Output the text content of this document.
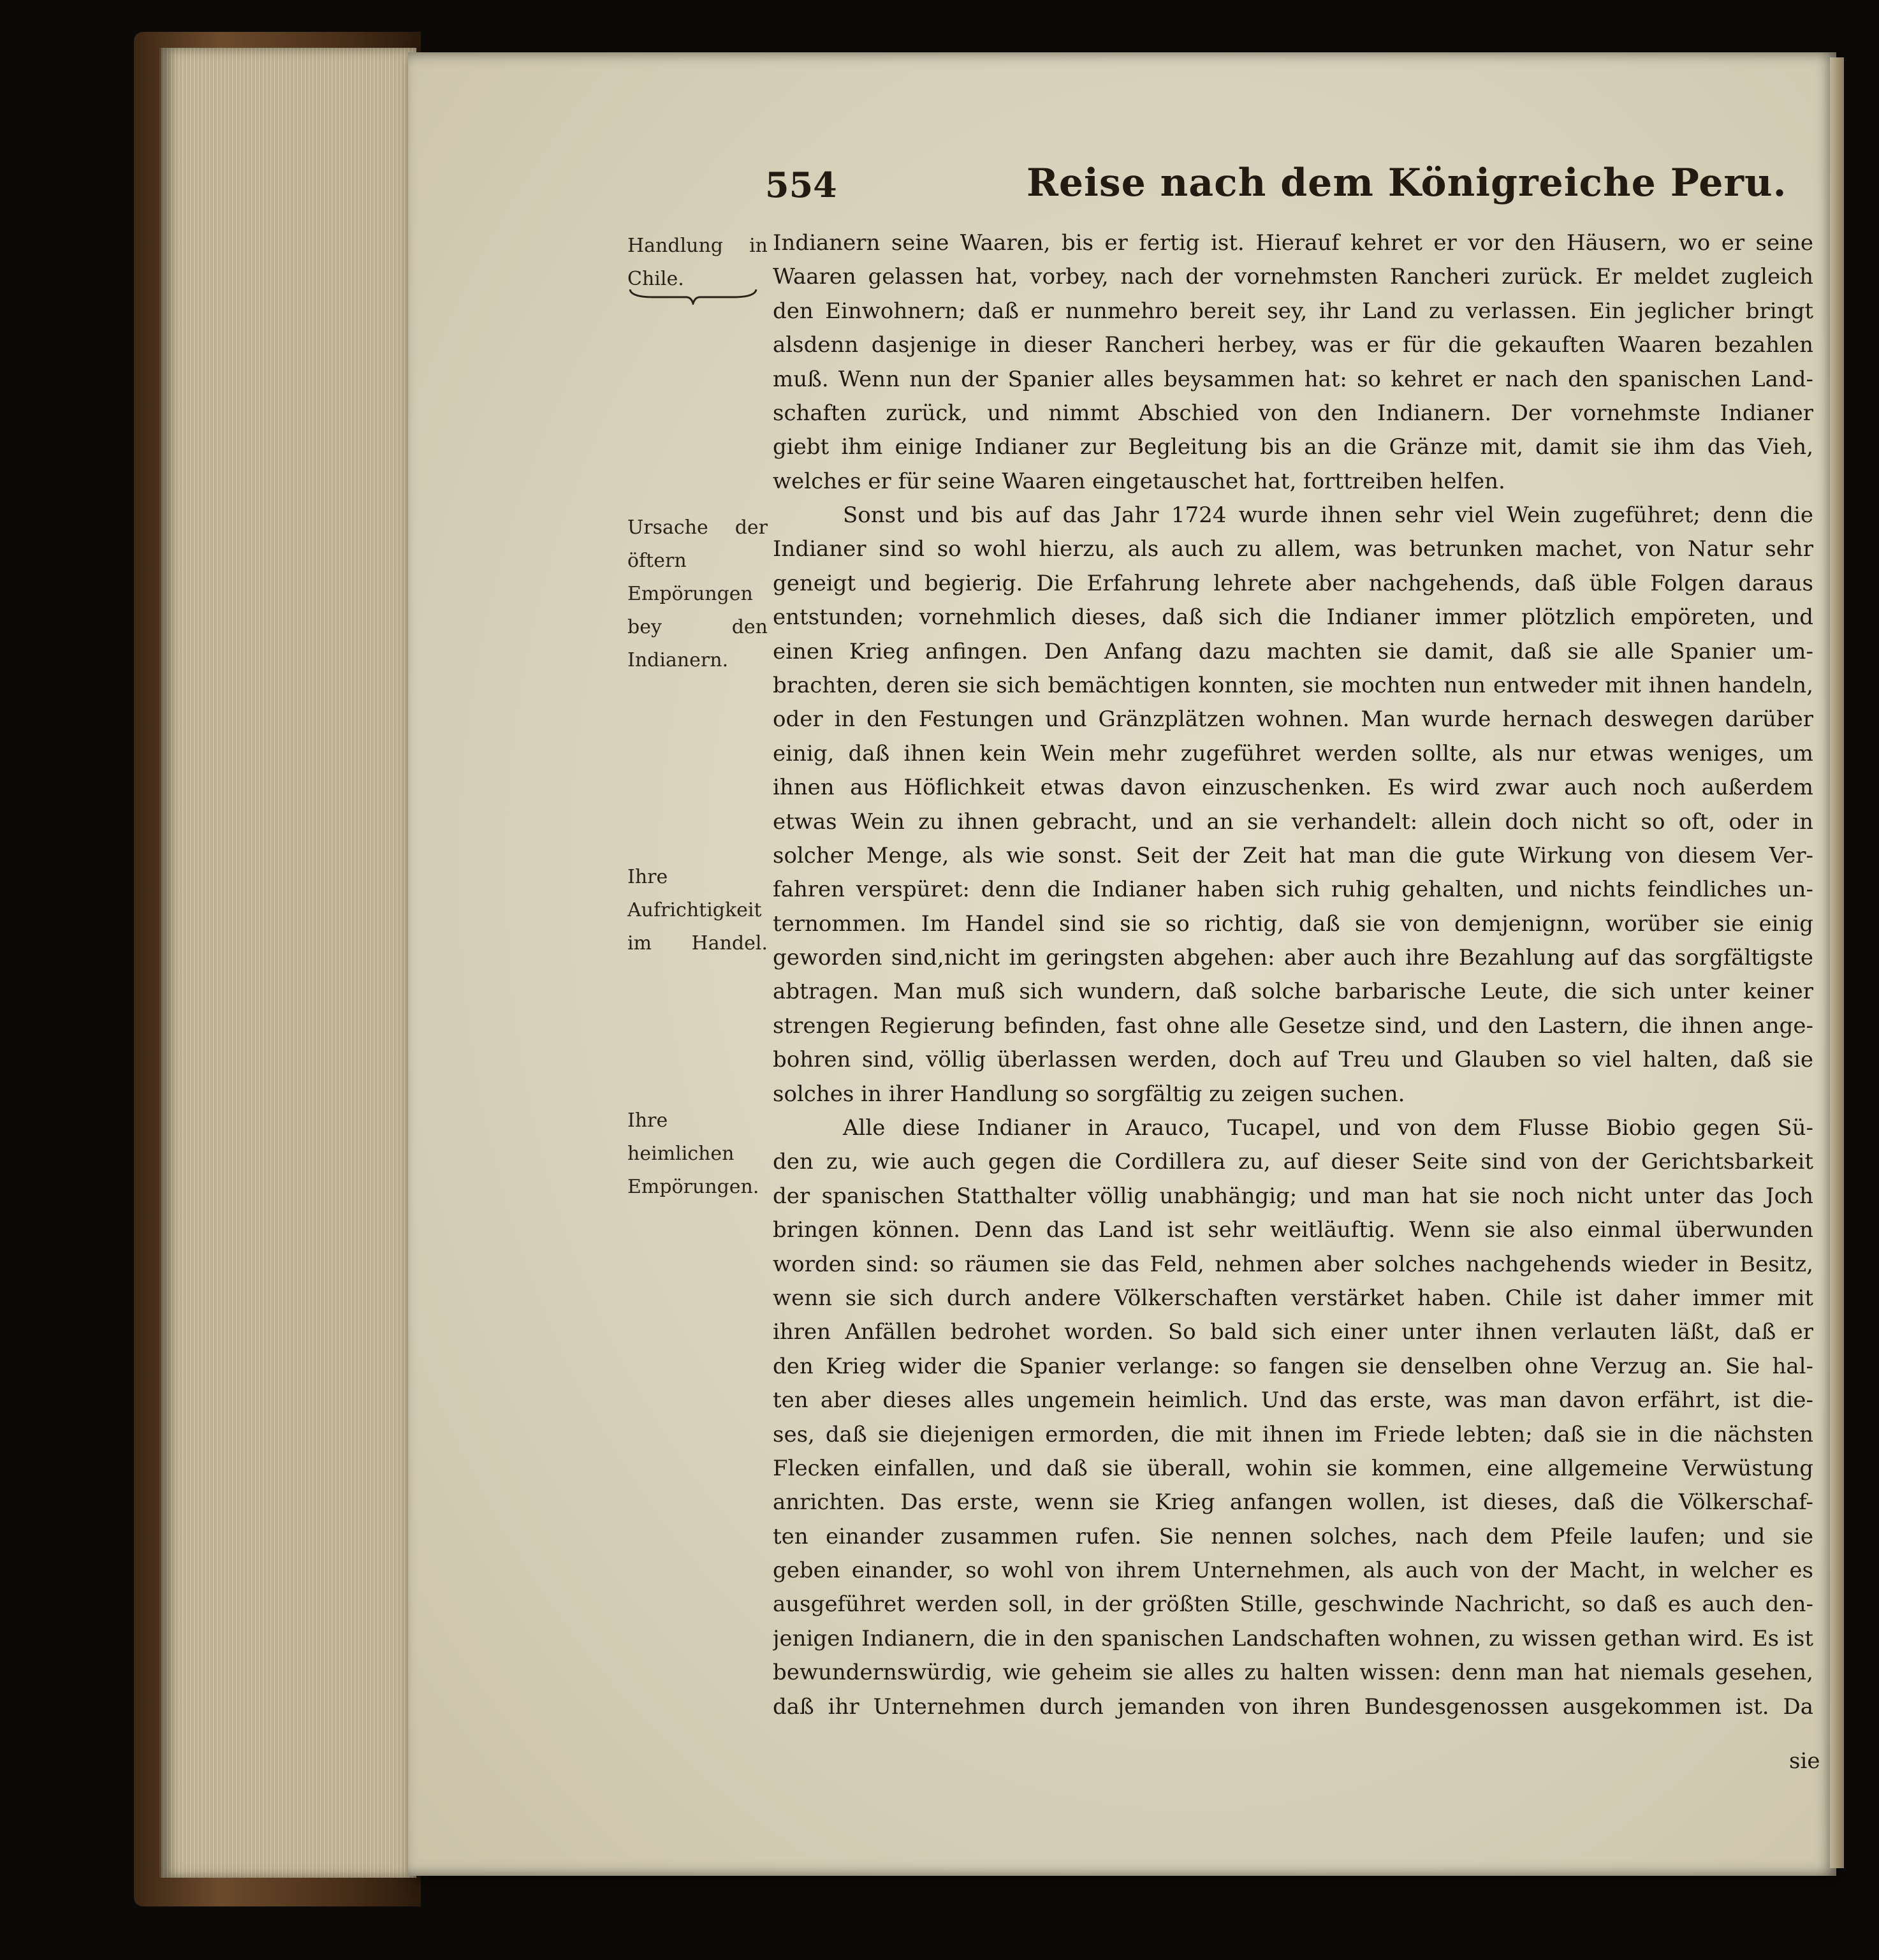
554	Reise nach dem Königreiche Peru.
Handlung in Chile.
Ursache der öftern Empörungen bey den Indianern.
Ihre Aufrichtigkeit im Handel.
Ihre heimlichen Empörungen.
Indianern seine Waaren, bis er fertig ist. Hierauf kehret er vor den Häusern, wo er seine
Waaren gelassen hat, vorbey, nach der vornehmsten Rancheri zurück. Er meldet zugleich
den Einwohnern; daß er nunmehro bereit sey, ihr Land zu verlassen. Ein jeglicher bringt
alsdenn dasjenige in dieser Rancheri herbey, was er für die gekauften Waaren bezahlen
muß. Wenn nun der Spanier alles beysammen hat: so kehret er nach den spanischen Land-
schaften zurück, und nimmt Abschied von den Indianern. Der vornehmste Indianer
giebt ihm einige Indianer zur Begleitung bis an die Gränze mit, damit sie ihm das Vieh,
welches er für seine Waaren eingetauschet hat, forttreiben helfen.
Sonst und bis auf das Jahr 1724 wurde ihnen sehr viel Wein zugeführet; denn die
Indianer sind so wohl hierzu, als auch zu allem, was betrunken machet, von Natur sehr
geneigt und begierig. Die Erfahrung lehrete aber nachgehends, daß üble Folgen daraus
entstunden; vornehmlich dieses, daß sich die Indianer immer plötzlich empöreten, und
einen Krieg anfingen. Den Anfang dazu machten sie damit, daß sie alle Spanier um-
brachten, deren sie sich bemächtigen konnten, sie mochten nun entweder mit ihnen handeln,
oder in den Festungen und Gränzplätzen wohnen. Man wurde hernach deswegen darüber
einig, daß ihnen kein Wein mehr zugeführet werden sollte, als nur etwas weniges, um
ihnen aus Höflichkeit etwas davon einzuschenken. Es wird zwar auch noch außerdem
etwas Wein zu ihnen gebracht, und an sie verhandelt: allein doch nicht so oft, oder in
solcher Menge, als wie sonst. Seit der Zeit hat man die gute Wirkung von diesem Ver-
fahren verspüret: denn die Indianer haben sich ruhig gehalten, und nichts feindliches un-
ternommen. Im Handel sind sie so richtig, daß sie von demjenignn, worüber sie einig
geworden sind,nicht im geringsten abgehen: aber auch ihre Bezahlung auf das sorgfältigste
abtragen. Man muß sich wundern, daß solche barbarische Leute, die sich unter keiner
strengen Regierung befinden, fast ohne alle Gesetze sind, und den Lastern, die ihnen ange-
bohren sind, völlig überlassen werden, doch auf Treu und Glauben so viel halten, daß sie
solches in ihrer Handlung so sorgfältig zu zeigen suchen.
Alle diese Indianer in Arauco, Tucapel, und von dem Flusse Biobio gegen Sü-
den zu, wie auch gegen die Cordillera zu, auf dieser Seite sind von der Gerichtsbarkeit
der spanischen Statthalter völlig unabhängig; und man hat sie noch nicht unter das Joch
bringen können. Denn das Land ist sehr weitläuftig. Wenn sie also einmal überwunden
worden sind: so räumen sie das Feld, nehmen aber solches nachgehends wieder in Besitz,
wenn sie sich durch andere Völkerschaften verstärket haben. Chile ist daher immer mit
ihren Anfällen bedrohet worden. So bald sich einer unter ihnen verlauten läßt, daß er
den Krieg wider die Spanier verlange: so fangen sie denselben ohne Verzug an. Sie hal-
ten aber dieses alles ungemein heimlich. Und das erste, was man davon erfährt, ist die-
ses, daß sie diejenigen ermorden, die mit ihnen im Friede lebten; daß sie in die nächsten
Flecken einfallen, und daß sie überall, wohin sie kommen, eine allgemeine Verwüstung
anrichten. Das erste, wenn sie Krieg anfangen wollen, ist dieses, daß die Völkerschaf-
ten einander zusammen rufen. Sie nennen solches, nach dem Pfeile laufen; und sie
geben einander, so wohl von ihrem Unternehmen, als auch von der Macht, in welcher es
ausgeführet werden soll, in der größten Stille, geschwinde Nachricht, so daß es auch den-
jenigen Indianern, die in den spanischen Landschaften wohnen, zu wissen gethan wird. Es ist
bewundernswürdig, wie geheim sie alles zu halten wissen: denn man hat niemals gesehen,
daß ihr Unternehmen durch jemanden von ihren Bundesgenossen ausgekommen ist. Da
sie
